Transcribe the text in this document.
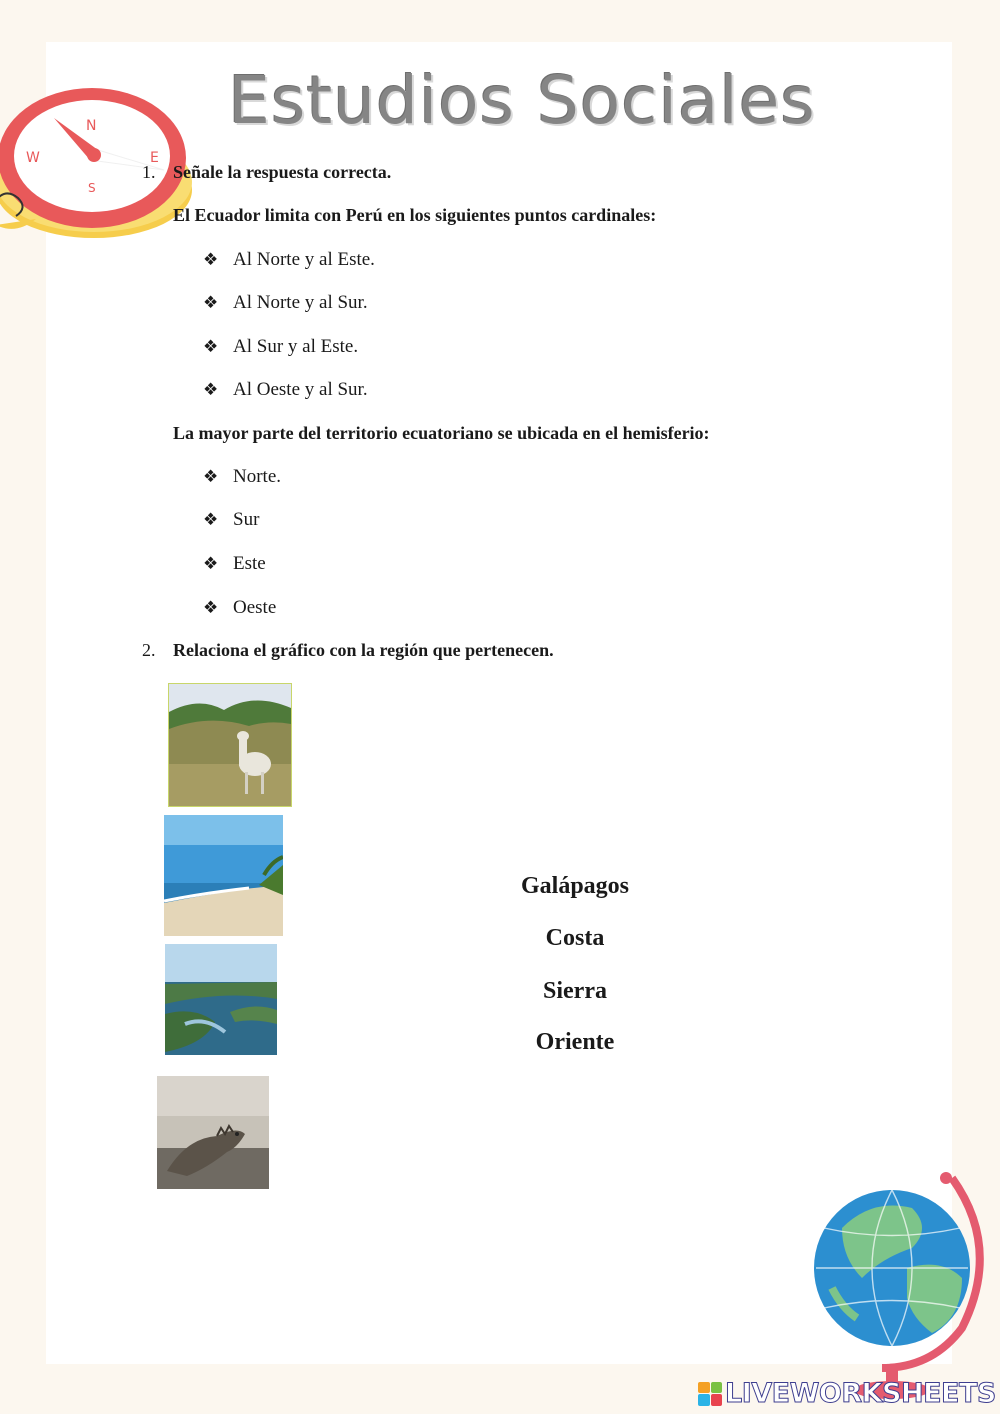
N
W	E
S
Estudios Sociales
1. Señale la respuesta correcta.
El Ecuador limita con Perú en los siguientes puntos cardinales:
❖ Al Norte y al Este.
❖ Al Norte y al Sur.
❖ Al Sur y al Este.
❖ Al Oeste y al Sur.
La mayor parte del territorio ecuatoriano se ubicada en el hemisferio:
❖ Norte.
❖ Sur
❖ Este
❖ Oeste
2. Relaciona el gráfico con la región que pertenecen.
Galápagos
Costa
Sierra
Oriente
LIVEWORKSHEETS
